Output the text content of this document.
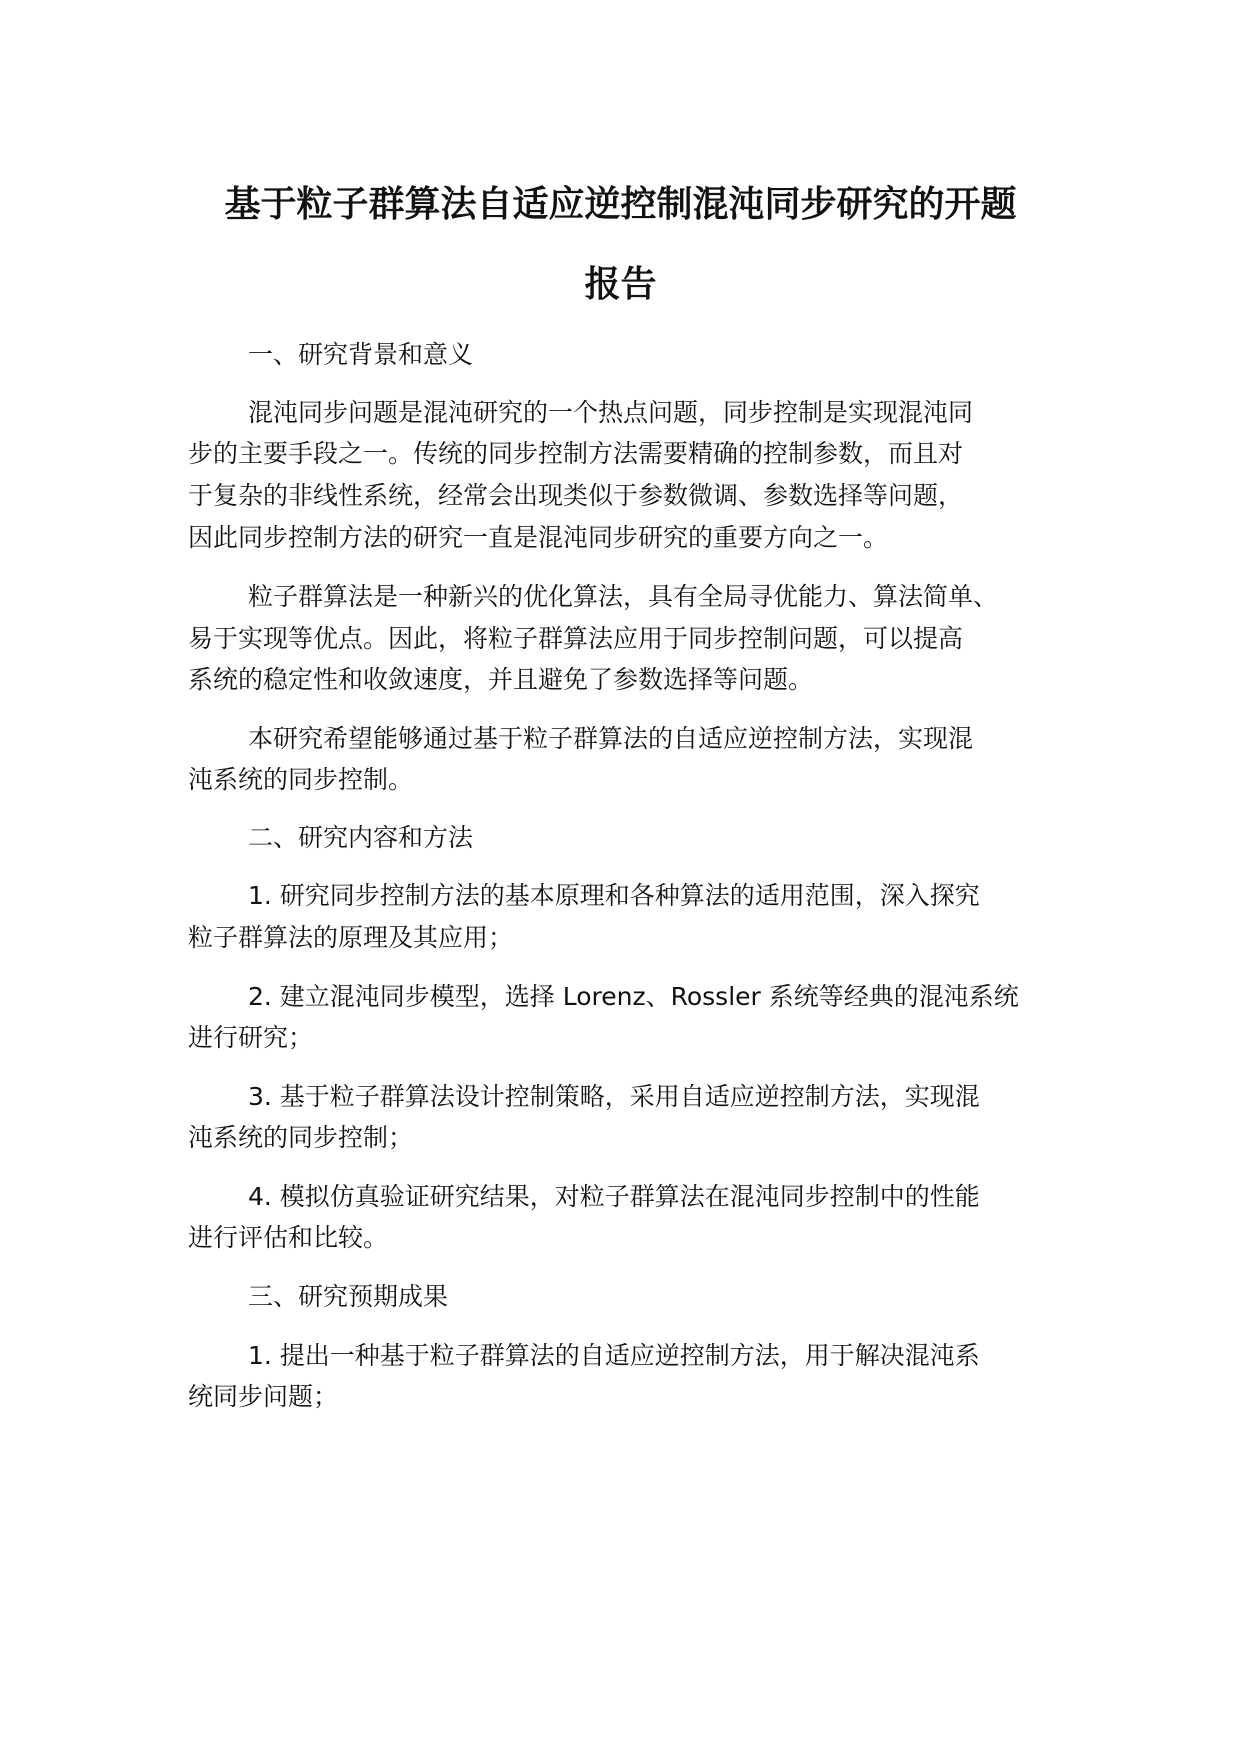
基于粒子群算法自适应逆控制混沌同步研究的开题
报告

一、研究背景和意义

混沌同步问题是混沌研究的一个热点问题，同步控制是实现混沌同

步的主要手段之一。传统的同步控制方法需要精确的控制参数，而且对

于复杂的非线性系统，经常会出现类似于参数微调、参数选择等问题，

因此同步控制方法的研究一直是混沌同步研究的重要方向之一。

粒子群算法是一种新兴的优化算法，具有全局寻优能力、算法简单、

易于实现等优点。因此，将粒子群算法应用于同步控制问题，可以提高

系统的稳定性和收敛速度，并且避免了参数选择等问题。

本研究希望能够通过基于粒子群算法的自适应逆控制方法，实现混

沌系统的同步控制。

二、研究内容和方法

1. 研究同步控制方法的基本原理和各种算法的适用范围，深入探究

粒子群算法的原理及其应用；

2. 建立混沌同步模型，选择 Lorenz、Rossler 系统等经典的混沌系统

进行研究；

3. 基于粒子群算法设计控制策略，采用自适应逆控制方法，实现混

沌系统的同步控制；

4. 模拟仿真验证研究结果，对粒子群算法在混沌同步控制中的性能

进行评估和比较。

三、研究预期成果

1. 提出一种基于粒子群算法的自适应逆控制方法，用于解决混沌系

统同步问题；
